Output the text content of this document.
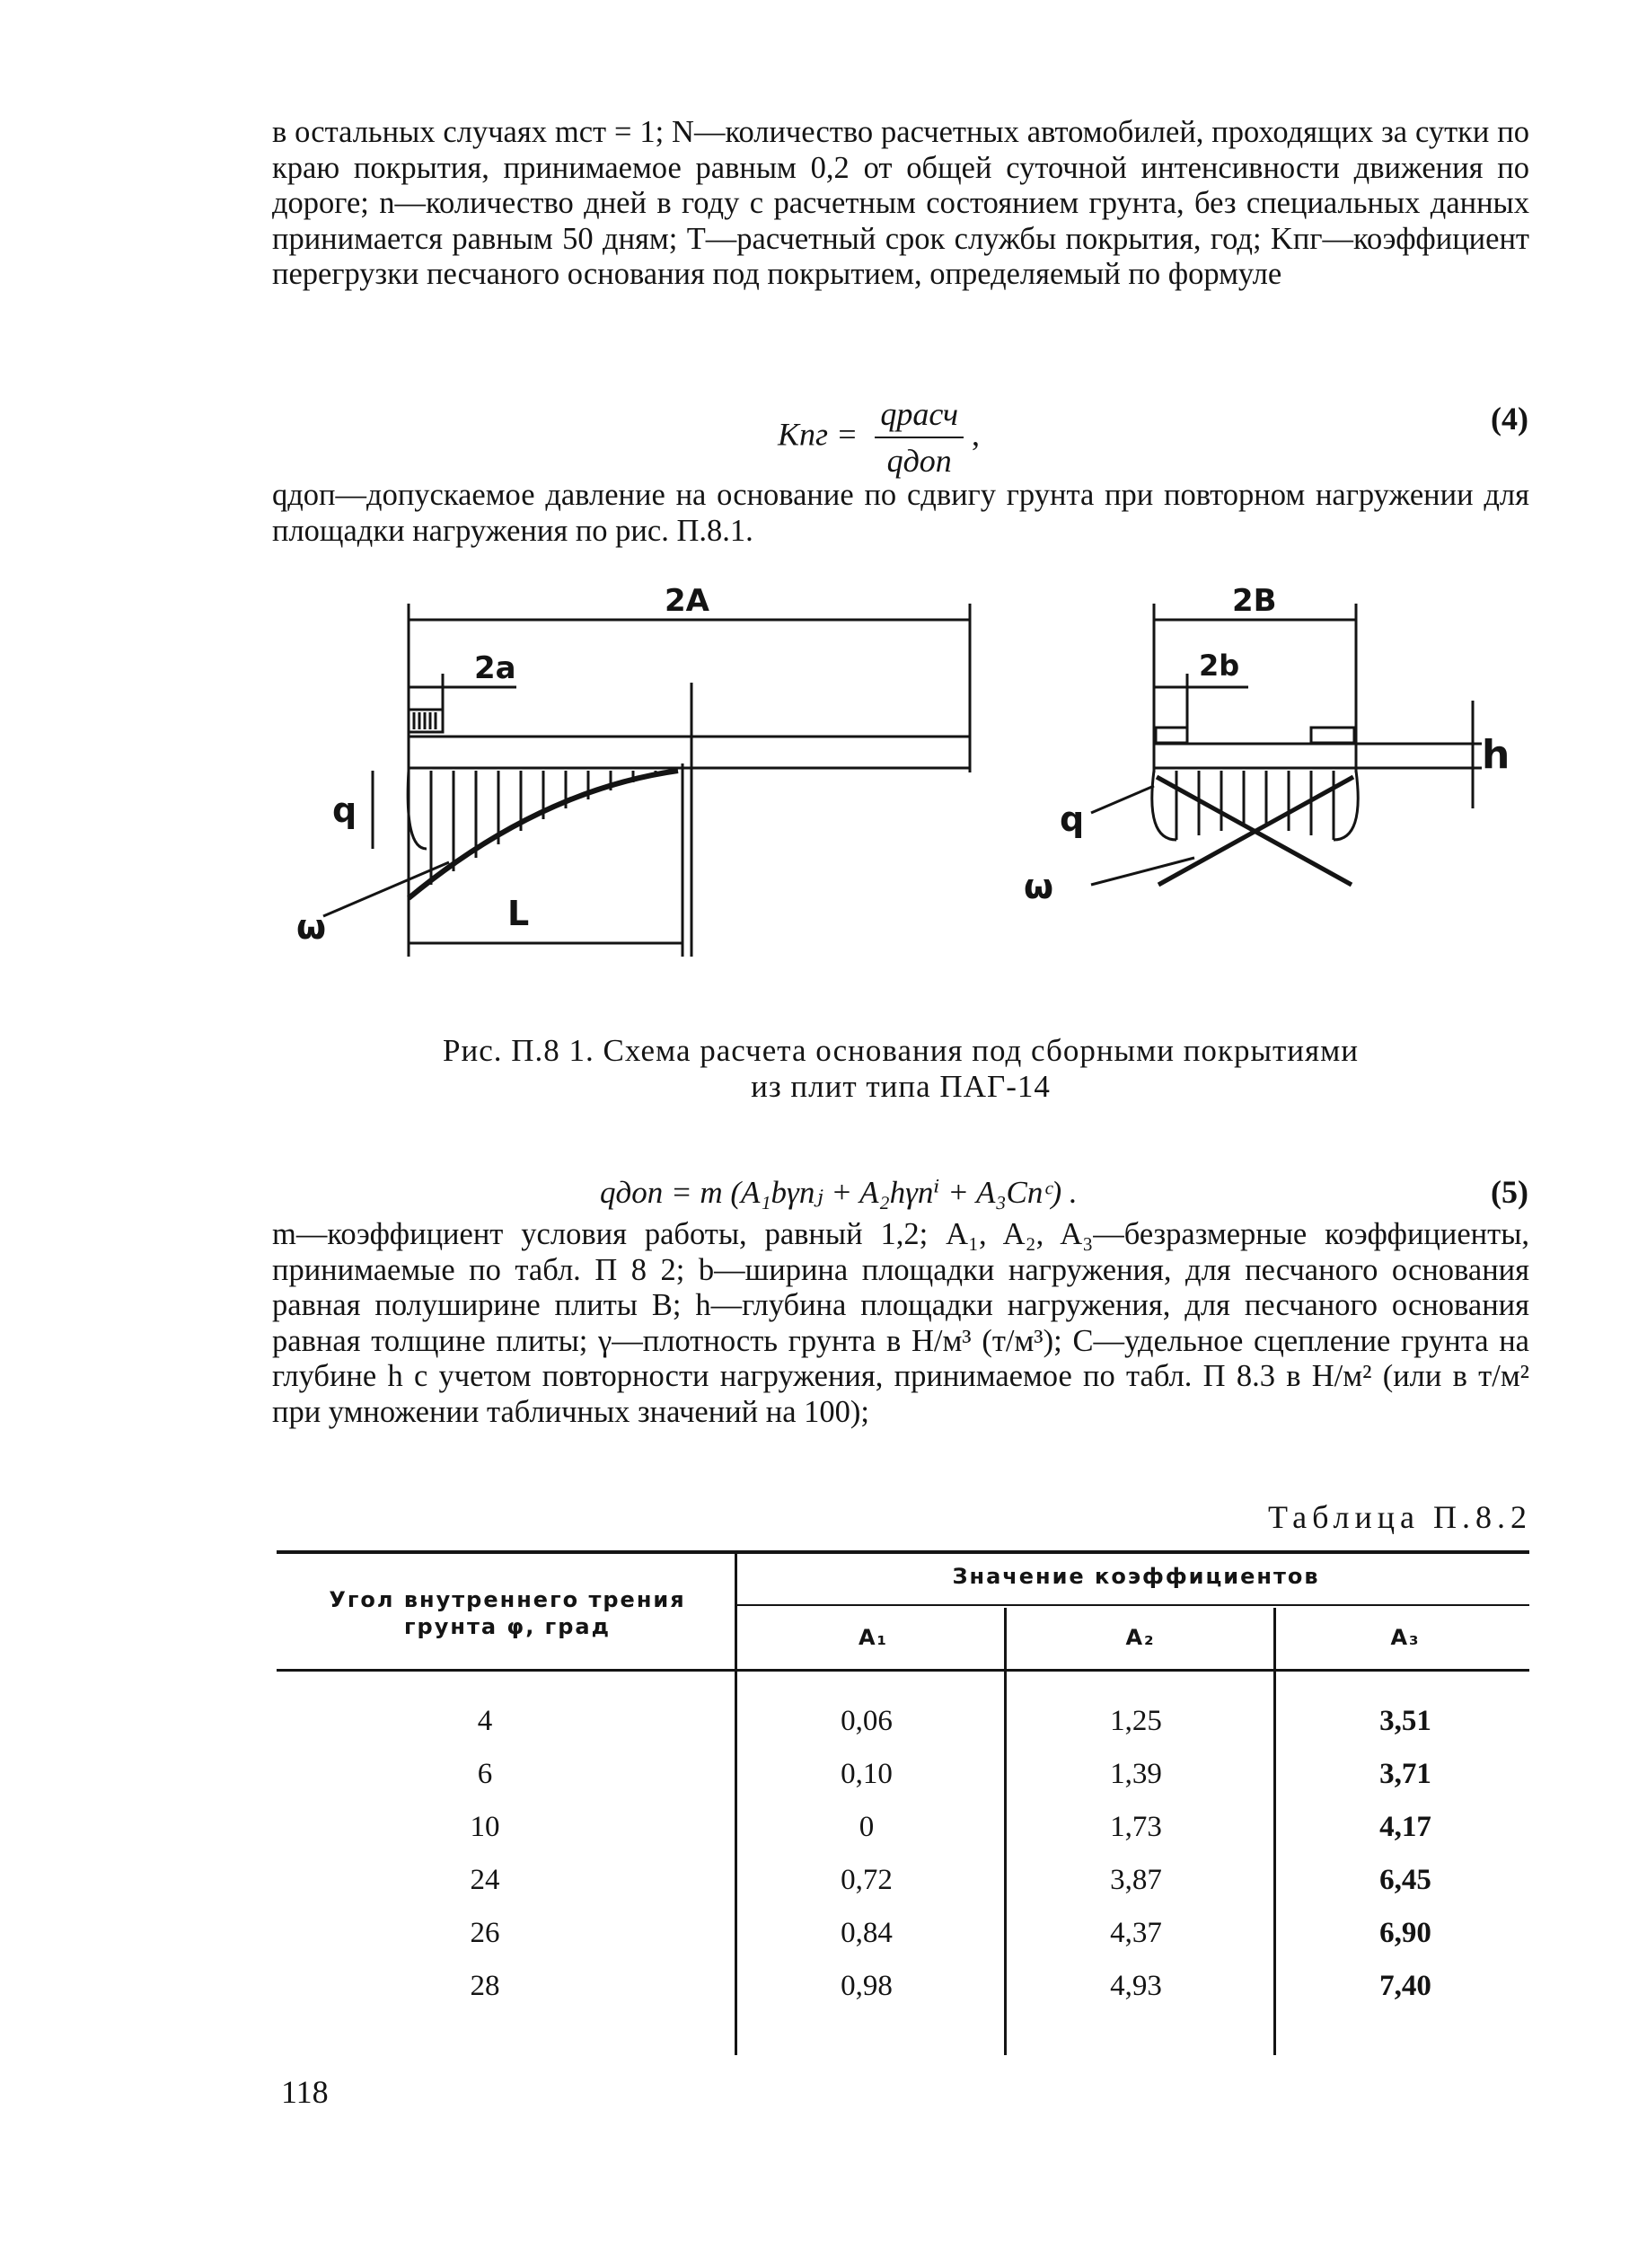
в остальных случаях mст = 1; N—количество расчетных автомобилей, проходящих за сутки по краю покрытия, принимаемое равным 0,2 от общей суточной интенсивности движения по дороге; n—количество дней в году с расчетным состоянием грунта, без специальных данных принимается равным 50 дням; T—расчетный срок службы покрытия, год; Kпг—коэффициент перегрузки песчаного основания под покрытием, определяемый по формуле

Kпг = $\frac{\text{qрасч}}{\text{qдоп}}$ ,	(4)

qдоп—допускаемое давление на основание по сдвигу грунта при повторном нагружении для площадки нагружения по рис. П.8.1.

2A
2a
q
ω	L
2B
2b
h
q
ω
Рис. П.8 1. Схема расчета основания под сборными покрытиями
из плит типа ПАГ-14
qдоп = m (A₁bγnⱼ + A₂hγnⁱ + A₃Cnᶜ) .	(5)

m—коэффициент условия работы, равный 1,2; A₁, A₂, A₃—безразмерные коэффициенты, принимаемые по табл. П 8 2; b—ширина площадки нагружения, для песчаного основания равная полуширине плиты B; h—глубина площадки нагружения, для песчаного основания равная толщине плиты; γ—плотность грунта в Н/м³ (т/м³); C—удельное сцепление грунта на глубине h с учетом повторности нагружения, принимаемое по табл. П 8.3 в Н/м² (или в т/м² при умножении табличных значений на 100);

Таблица П.8.2
Угол внутреннего трения грунта φ, град
Значение коэффициентов
A₁	A₂	A₃
4	0,06	1,25	3,51
6	0,10	1,39	3,71
10	0	1,73	4,17
24	0,72	3,87	6,45
26	0,84	4,37	6,90
28	0,98	4,93	7,40
118
